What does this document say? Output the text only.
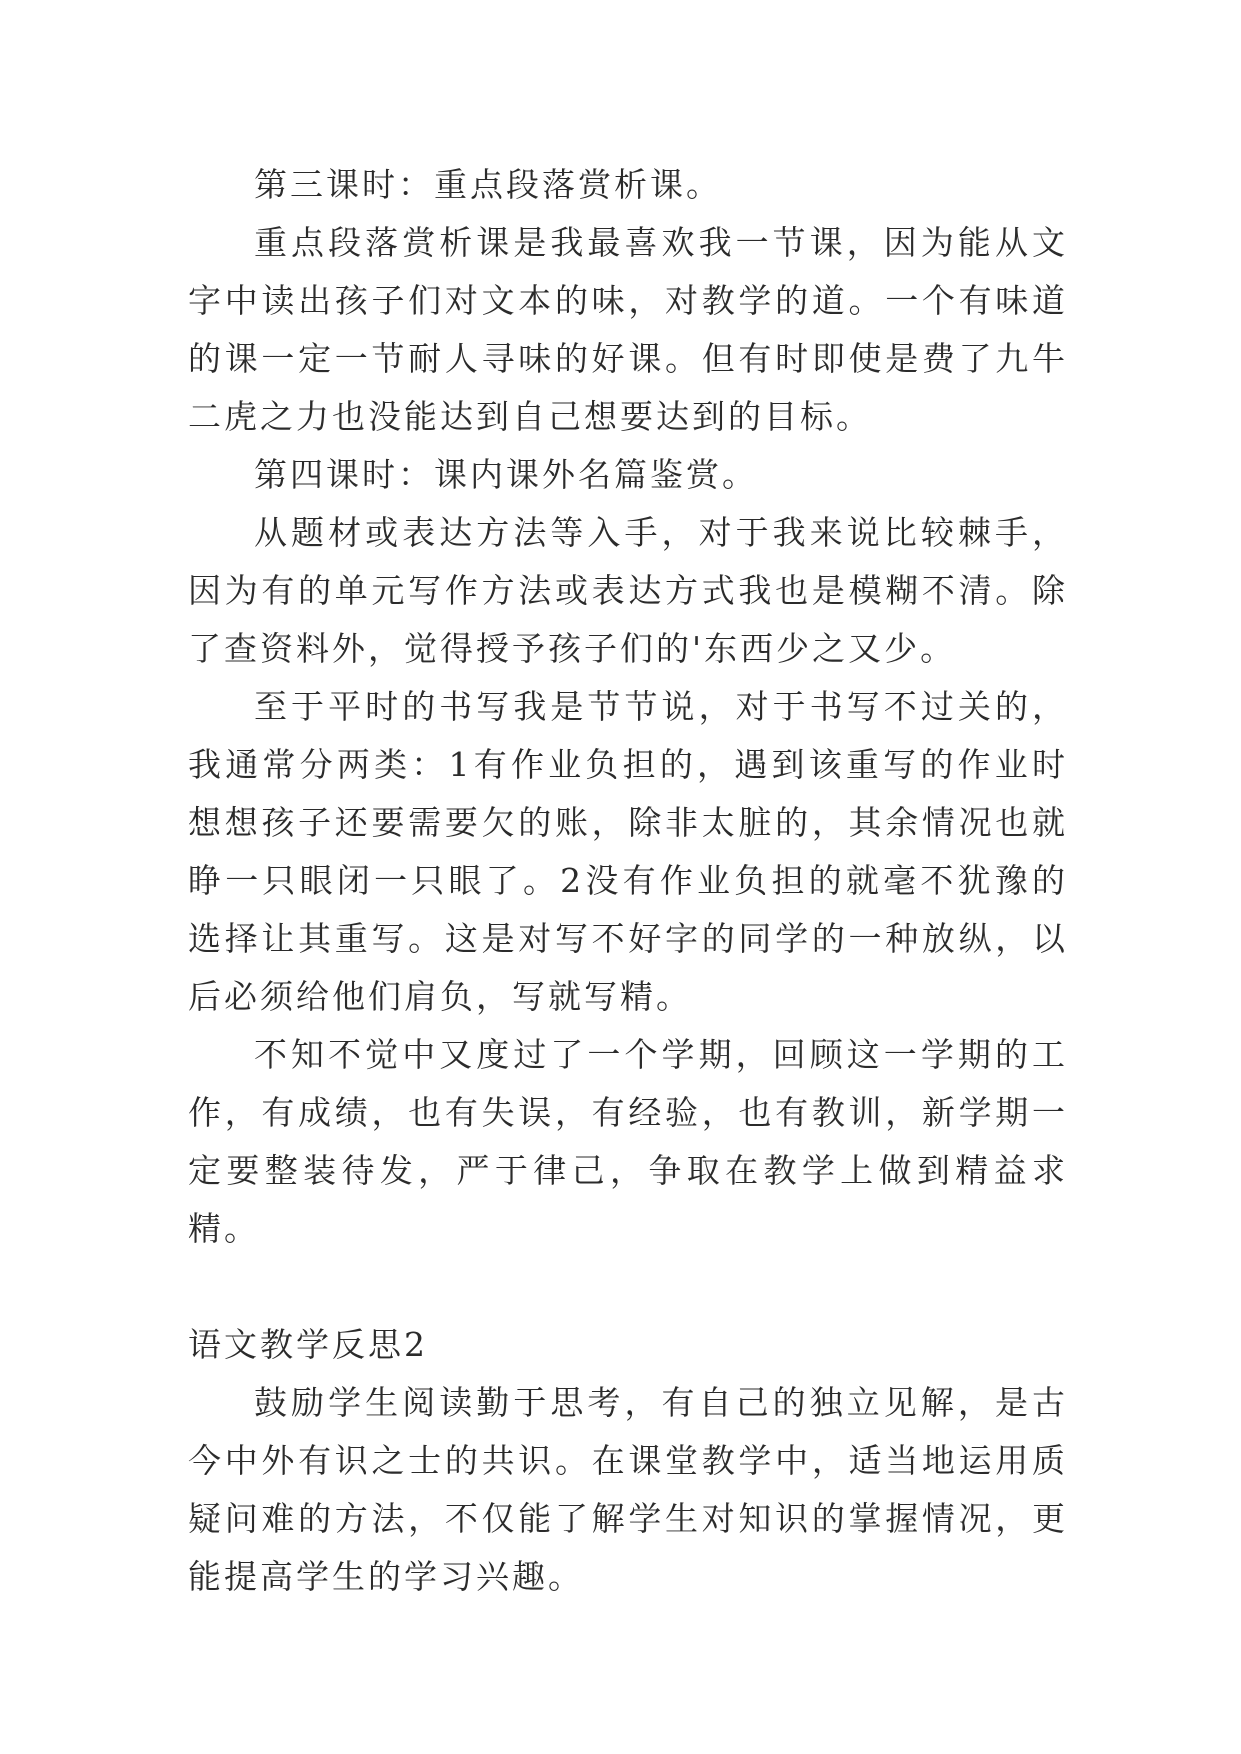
第三课时：重点段落赏析课。

重点段落赏析课是我最喜欢我一节课，因为能从文字中读出孩子们对文本的味，对教学的道。一个有味道的课一定一节耐人寻味的好课。但有时即使是费了九牛二虎之力也没能达到自己想要达到的目标。

第四课时：课内课外名篇鉴赏。

从题材或表达方法等入手，对于我来说比较棘手，因为有的单元写作方法或表达方式我也是模糊不清。除了查资料外，觉得授予孩子们的'东西少之又少。

至于平时的书写我是节节说，对于书写不过关的，我通常分两类：1有作业负担的，遇到该重写的作业时想想孩子还要需要欠的账，除非太脏的，其余情况也就睁一只眼闭一只眼了。2没有作业负担的就毫不犹豫的选择让其重写。这是对写不好字的同学的一种放纵，以后必须给他们肩负，写就写精。

不知不觉中又度过了一个学期，回顾这一学期的工作，有成绩，也有失误，有经验，也有教训，新学期一定要整装待发，严于律己，争取在教学上做到精益求精。

语文教学反思2

鼓励学生阅读勤于思考，有自己的独立见解，是古今中外有识之士的共识。在课堂教学中，适当地运用质疑问难的方法，不仅能了解学生对知识的掌握情况，更能提高学生的学习兴趣。
